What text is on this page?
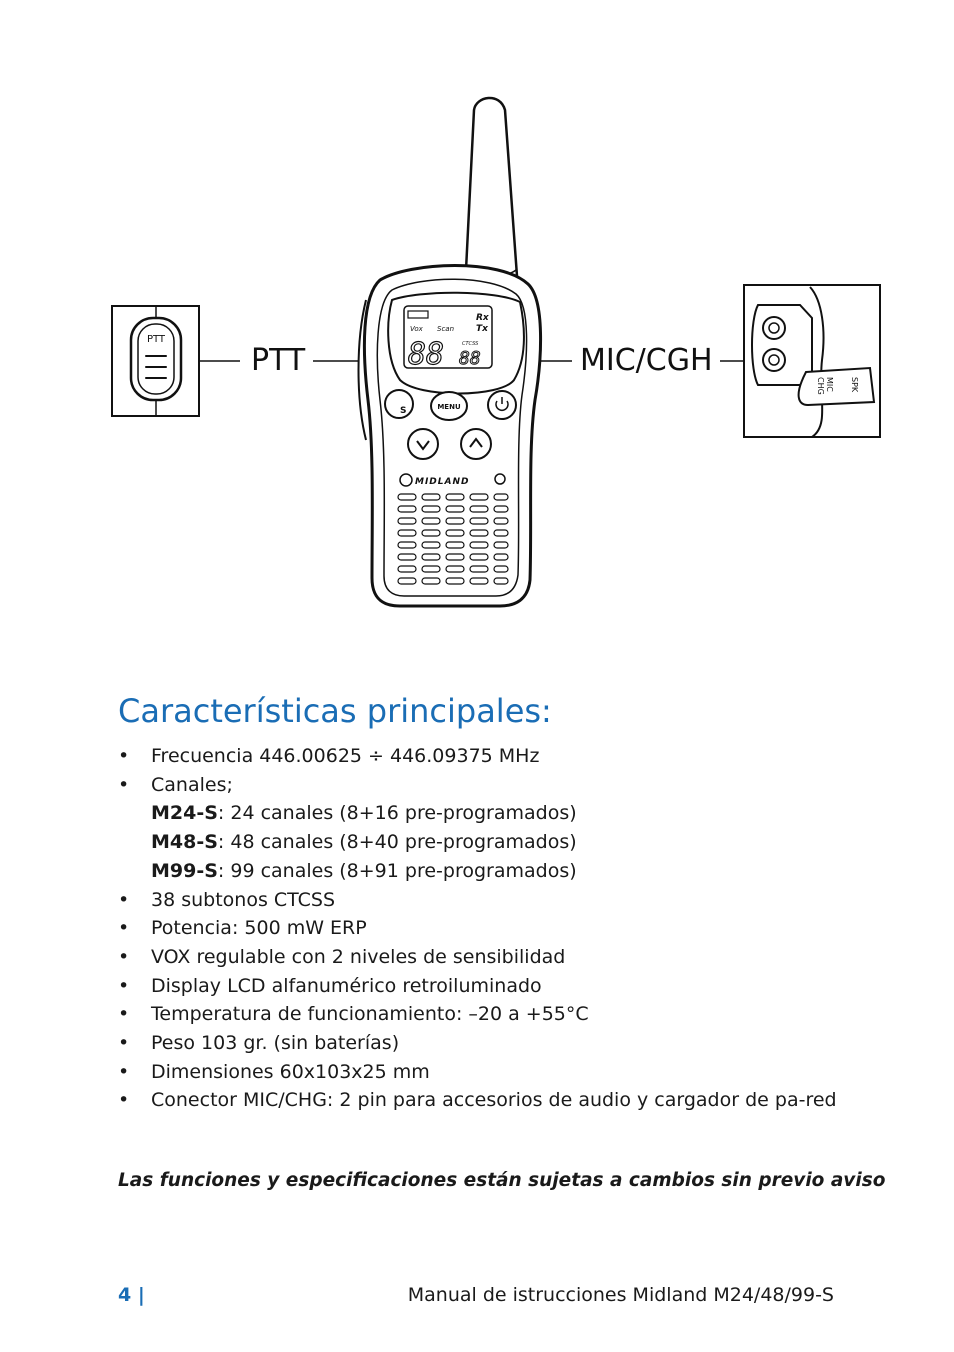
PTT
SPK
MIC
CHG
Rx
Vox Scan Tx
CTCSS
88 88
S	MENU
MIDLAND
PTT	MIC/CGH
Características principales:
• Frecuencia 446.00625 ÷ 446.09375 MHz
• Canales;
M24-S: 24 canales (8+16 pre-programados)
M48-S: 48 canales (8+40 pre-programados)
M99-S: 99 canales (8+91 pre-programados)
• 38 subtonos CTCSS
• Potencia: 500 mW ERP
• VOX regulable con 2 niveles de sensibilidad
• Display LCD alfanumérico retroiluminado
• Temperatura de funcionamiento: –20 a +55°C
• Peso 103 gr. (sin baterías)
• Dimensiones 60x103x25 mm
• Conector MIC/CHG: 2 pin para accesorios de audio y cargador de pa-red

Las funciones y especificaciones están sujetas a cambios sin previo aviso

4 |	Manual de istrucciones Midland M24/48/99-S
